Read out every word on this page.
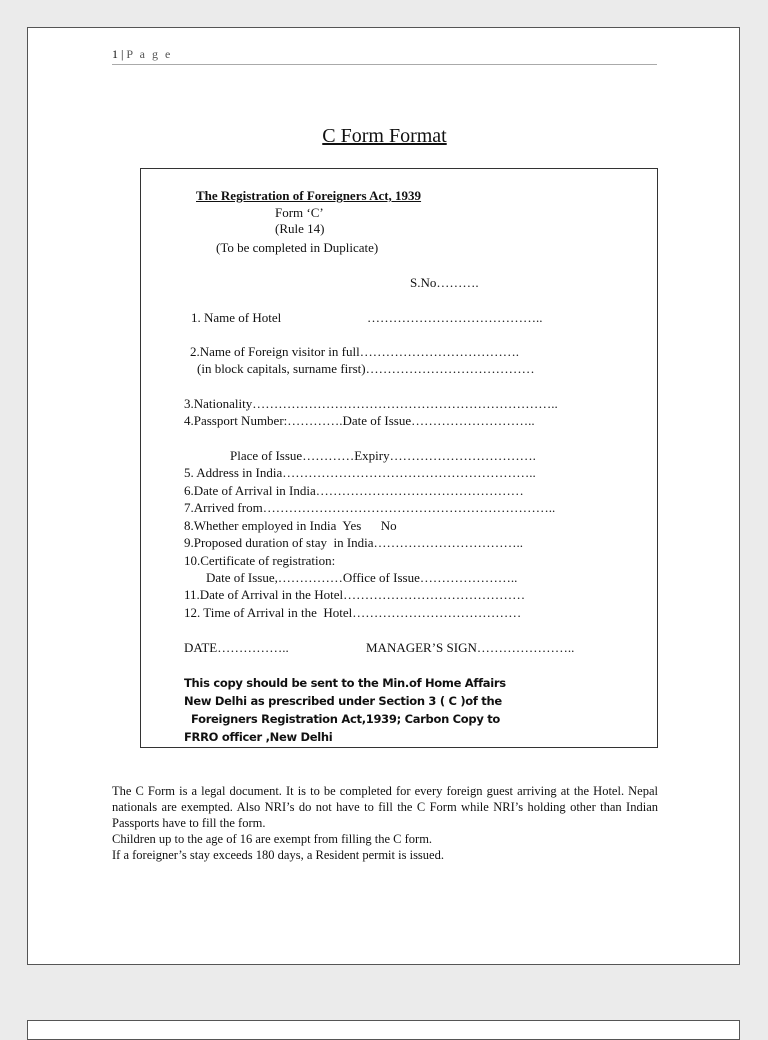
1 | P a g e
C Form Format
The Registration of Foreigners Act, 1939
Form ‘C’
(Rule 14)
(To be completed in Duplicate)
S.No……….
1. Name of Hotel	…………………………………..
2.Name of Foreign visitor in full……………………………….
(in block capitals, surname first)…………………………………
3.Nationality……………………………………………………………..
4.Passport Number:………….Date of Issue………………………..
Place of Issue…………Expiry…………………………….
5. Address in India…………………………………………………..
6.Date of Arrival in India…………………………………………
7.Arrived from…………………………………………………………..
8.Whether employed in India  Yes      No
9.Proposed duration of stay  in India……………………………..
10.Certificate of registration:
Date of Issue,……………Office of Issue…………………..
11.Date of Arrival in the Hotel……………………………………
12. Time of Arrival in the  Hotel…………………………………
DATE……………..	MANAGER’S SIGN…………………..
This copy should be sent to the Min.of Home Affairs
New Delhi as prescribed under Section 3 ( C )of the
Foreigners Registration Act,1939; Carbon Copy to
FRRO officer ,New Delhi

The C Form is a legal document. It is to be completed for every foreign guest arriving at the Hotel. Nepal nationals are exempted. Also NRI’s do not have to fill the C Form while NRI’s holding other than Indian Passports have to fill the form.

Children up to the age of 16 are exempt from filling the C form.

If a foreigner’s stay exceeds 180 days, a Resident permit is issued.
